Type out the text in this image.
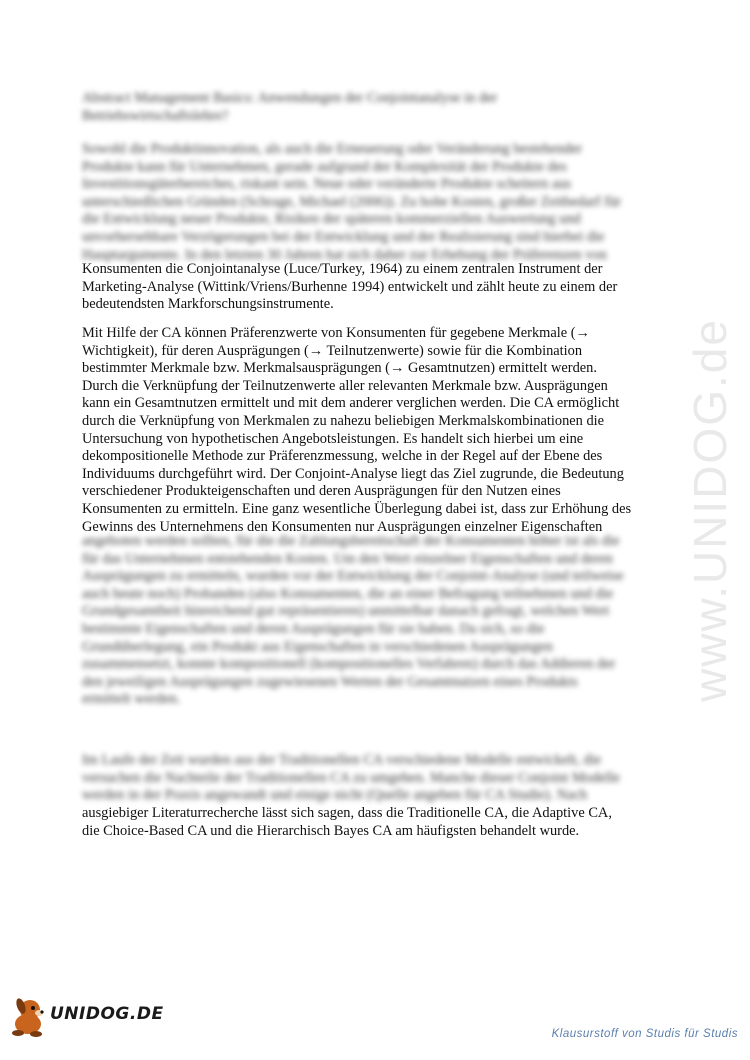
Abstract Management Basics: Anwendungen der Conjointanalyse in der
Betriebswirtschaftslehre?
Sowohl die Produktinnovation, als auch die Erneuerung oder Veränderung bestehender
Produkte kann für Unternehmen, gerade aufgrund der Komplexität der Produkte des
Investitionsgüterbereiches, riskant sein. Neue oder veränderte Produkte scheitern aus
unterschiedlichen Gründen (Schrage, Michael (2006)). Zu hohe Kosten, großer Zeitbedarf für
die Entwicklung neuer Produkte, Risiken der späteren kommerziellen Auswertung und
unvorhersehbare Verzögerungen bei der Entwicklung und der Realisierung sind hierbei die
Hauptargumente. In den letzten 30 Jahren hat sich daher zur Erhebung der Präferenzen von
Konsumenten die Conjointanalyse (Luce/Turkey, 1964) zu einem zentralen Instrument der
Marketing-Analyse (Wittink/Vriens/Burhenne 1994) entwickelt und zählt heute zu einem der
bedeutendsten Markforschungsinstrumente.
Mit Hilfe der CA können Präferenzwerte von Konsumenten für gegebene Merkmale (→
Wichtigkeit), für deren Ausprägungen (→ Teilnutzenwerte) sowie für die Kombination
bestimmter Merkmale bzw. Merkmalsausprägungen (→ Gesamtnutzen) ermittelt werden.
Durch die Verknüpfung der Teilnutzenwerte aller relevanten Merkmale bzw. Ausprägungen
kann ein Gesamtnutzen ermittelt und mit dem anderer verglichen werden. Die CA ermöglicht
durch die Verknüpfung von Merkmalen zu nahezu beliebigen Merkmalskombinationen die
Untersuchung von hypothetischen Angebotsleistungen. Es handelt sich hierbei um eine
dekompositionelle Methode zur Präferenzmessung, welche in der Regel auf der Ebene des
Individuums durchgeführt wird. Der Conjoint-Analyse liegt das Ziel zugrunde, die Bedeutung
verschiedener Produkteigenschaften und deren Ausprägungen für den Nutzen eines
Konsumenten zu ermitteln. Eine ganz wesentliche Überlegung dabei ist, dass zur Erhöhung des
Gewinns des Unternehmens den Konsumenten nur Ausprägungen einzelner Eigenschaften
angeboten werden sollten, für die die Zahlungsbereitschaft der Konsumenten höher ist als die
für das Unternehmen entstehenden Kosten. Um den Wert einzelner Eigenschaften und deren
Ausprägungen zu ermitteln, wurden vor der Entwicklung der Conjoint-Analyse (und teilweise
auch heute noch) Probanden (also Konsumenten, die an einer Befragung teilnehmen und die
Grundgesamtheit hinreichend gut repräsentieren) unmittelbar danach gefragt, welchen Wert
bestimmte Eigenschaften und deren Ausprägungen für sie haben. Da sich, so die
Grundüberlegung, ein Produkt aus Eigenschaften in verschiedenen Ausprägungen
zusammensetzt, konnte kompositionell (kompositionelles Verfahren) durch das Addieren der
den jeweiligen Ausprägungen zugewiesenen Werten der Gesamtnutzen eines Produkts
ermittelt werden.
Im Laufe der Zeit wurden aus der Traditionellen CA verschiedene Modelle entwickelt, die
versuchen die Nachteile der Traditionellen CA zu umgehen. Manche dieser Conjoint Modelle
werden in der Praxis angewandt und einige nicht (Quelle angeben für CA Studie). Nach
ausgiebiger Literaturrecherche lässt sich sagen, dass die Traditionelle CA, die Adaptive CA,
die Choice-Based CA und die Hierarchisch Bayes CA am häufigsten behandelt wurde.
www.UNIDOG.de
UNIDOG.DE
Klausurstoff von Studis für Studis
